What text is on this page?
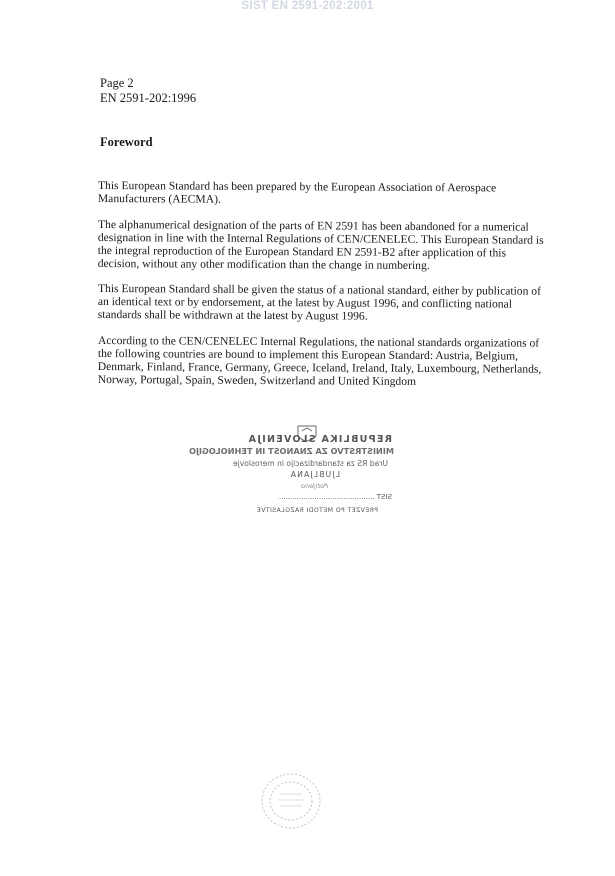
SIST EN 2591-202:2001
Page 2
EN 2591-202:1996
Foreword

This European Standard has been prepared by the European Association of Aerospace Manufacturers (AECMA).

The alphanumerical designation of the parts of EN 2591 has been abandoned for a numerical designation in line with the Internal Regulations of CEN/CENELEC. This European Standard is the integral reproduction of the European Standard EN 2591-B2 after application of this decision, without any other modification than the change in numbering.

This European Standard shall be given the status of a national standard, either by publication of an identical text or by endorsement, at the latest by August 1996, and conflicting national standards shall be withdrawn at the latest by August 1996.

According to the CEN/CENELEC Internal Regulations, the national standards organizations of the following countries are bound to implement this European Standard: Austria, Belgium, Denmark, Finland, France, Germany, Greece, Iceland, Ireland, Italy, Luxembourg, Netherlands, Norway, Portugal, Spain, Sweden, Switzerland and United Kingdom

REPUBLIKA SLOVENIJA
MINISTRSTVO ZA ZNANOST IN TEHNOLOGIJO
Urad RS za standardizacijo in meroslovje
LJUBLJANA
Potrjeno
SIST ...........................................
PREVZET PO METODI RAZGLASITVE
